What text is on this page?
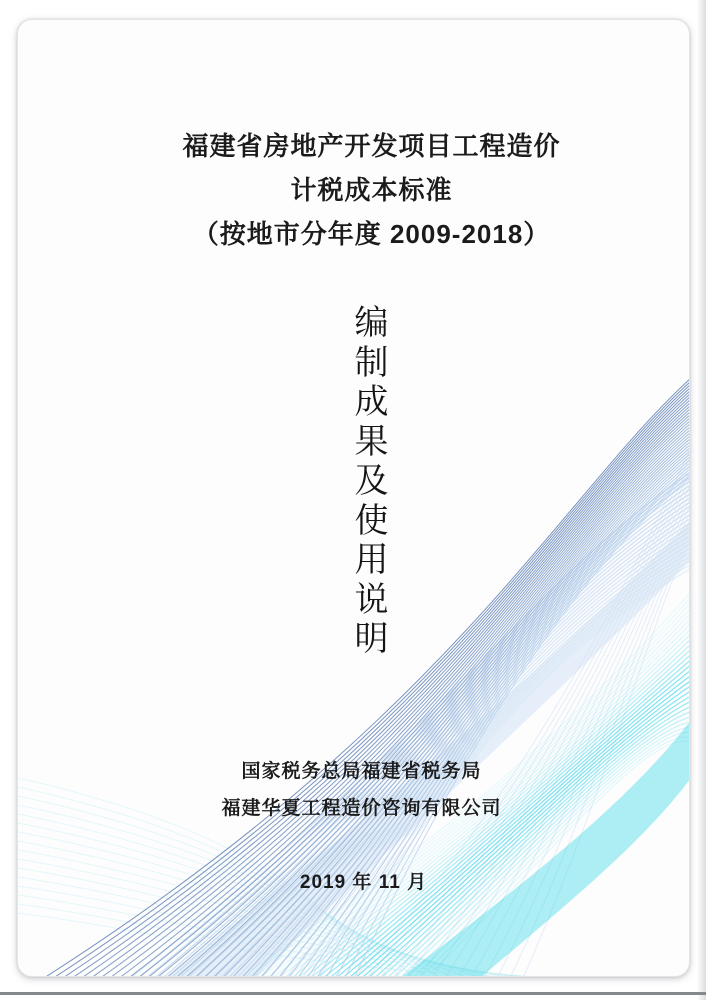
福建省房地产开发项目工程造价
计税成本标准
（按地市分年度 2009-2018）
编
制
成
果
及
使
用
说
明
国家税务总局福建省税务局
福建华夏工程造价咨询有限公司
2019 年 11 月
